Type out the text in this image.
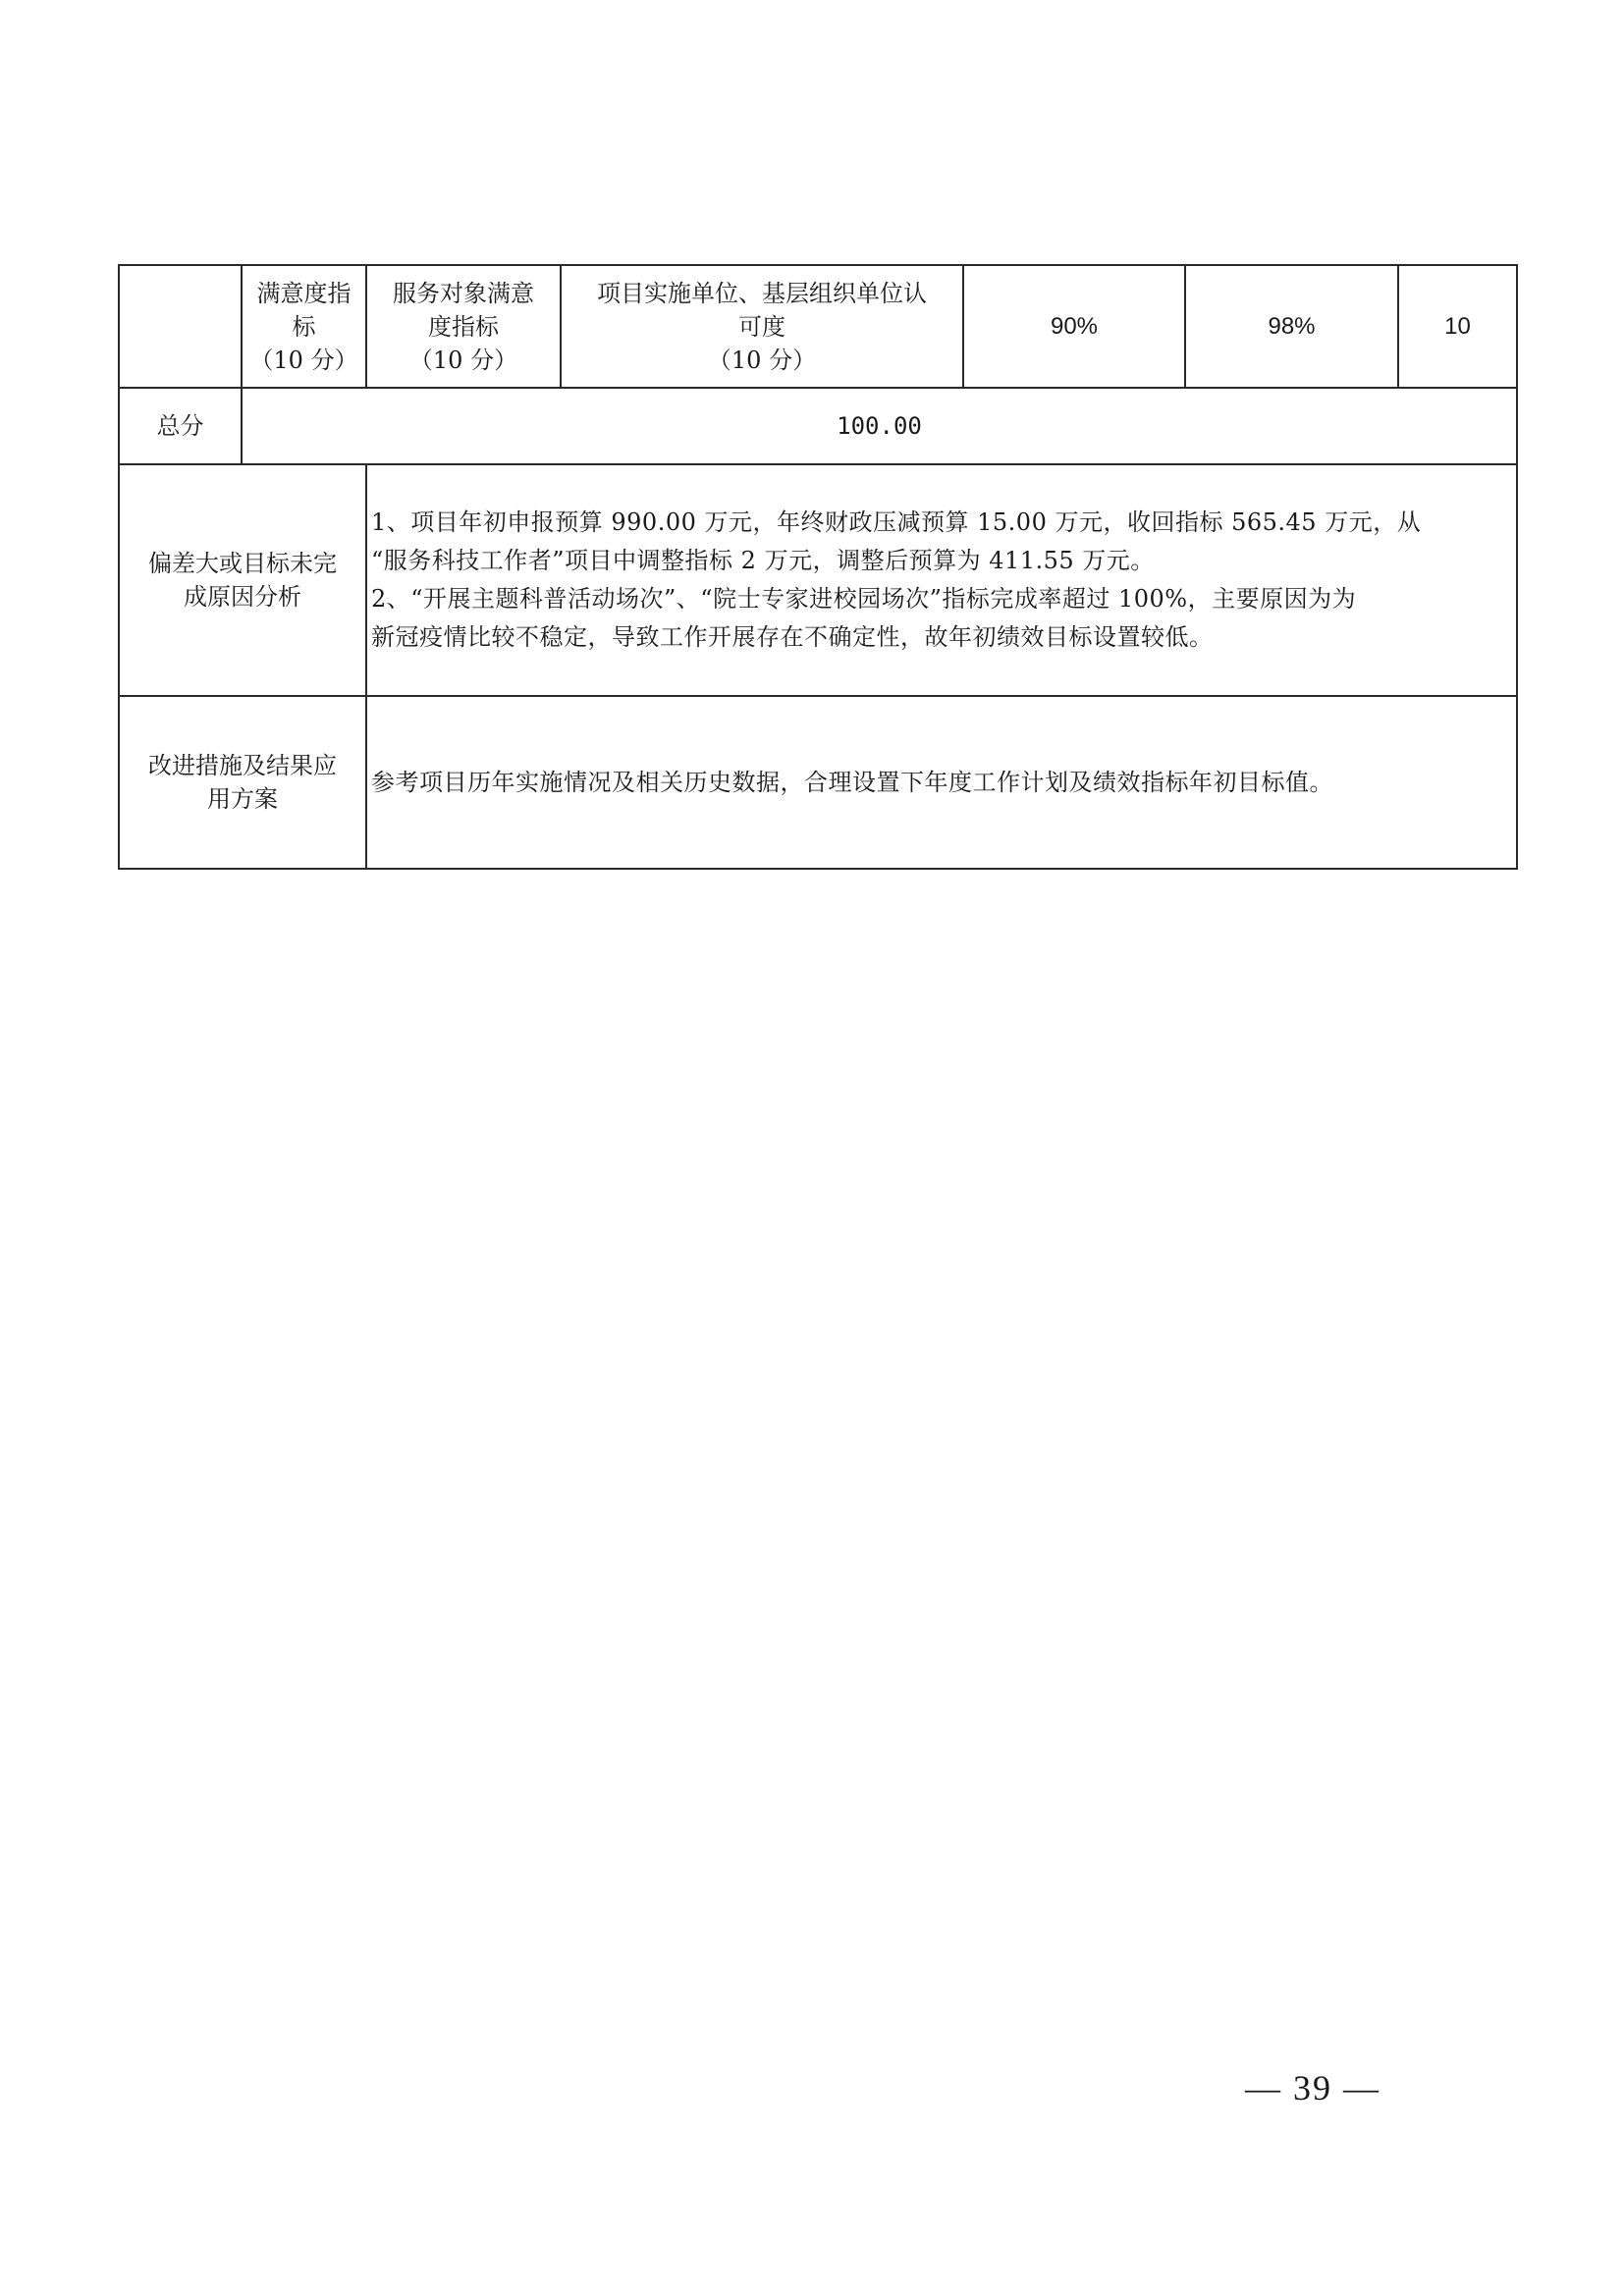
	满意度指
标
（10 分）	服务对象满意
度指标
（10 分）	项目实施单位、基层组织单位认
可度
（10 分）	90%	98%	10
总分	100.00					

偏差大或目标未完
成原因分析		1、项目年初申报预算 990.00 万元，年终财政压减预算 15.00 万元，收回指标 565.45 万元，从
“服务科技工作者”项目中调整指标 2 万元，调整后预算为 411.55 万元。
2、“开展主题科普活动场次”、“院士专家进校园场次”指标完成率超过 100%，主要原因为为
新冠疫情比较不稳定，导致工作开展存在不确定性，故年初绩效目标设置较低。				

改进措施及结果应
用方案		参考项目历年实施情况及相关历史数据，合理设置下年度工作计划及绩效指标年初目标值。				
— 39 —
